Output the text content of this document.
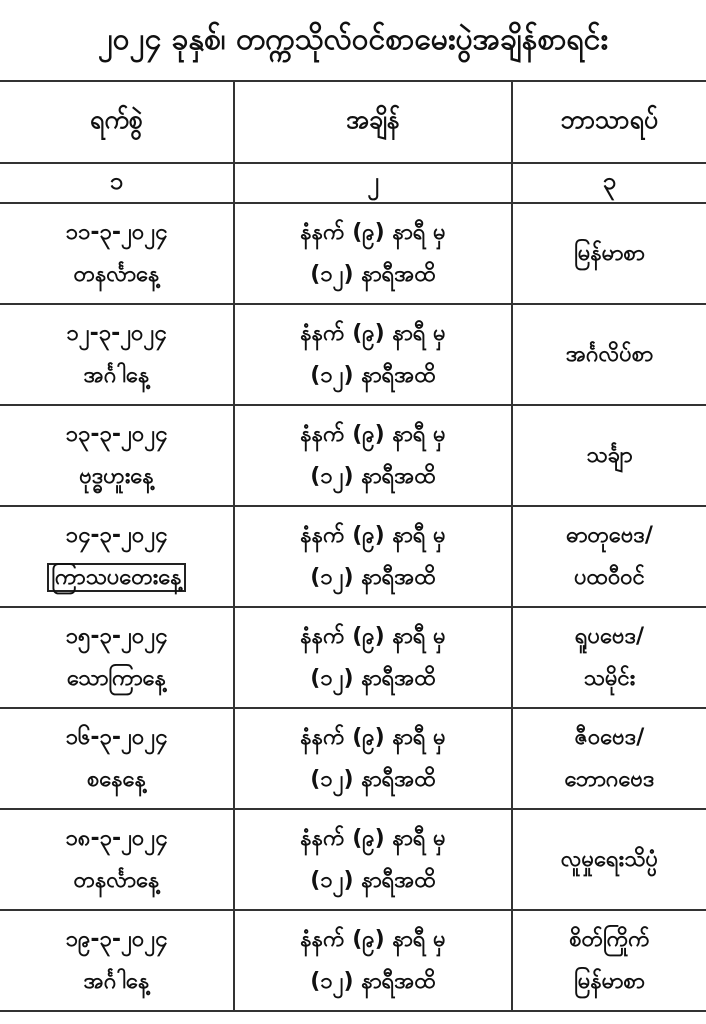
၂၀၂၄ ခုနှစ်၊ တက္ကသိုလ်ဝင်စာမေးပွဲအချိန်စာရင်း
ရက်စွဲ	အချိန်	ဘာသာရပ်
၁	၂	၃

၁၁-၃-၂၀၂၄
တနင်္လာနေ့	နံနက် (၉) နာရီ မှ
(၁၂) နာရီအထိ	မြန်မာစာ

၁၂-၃-၂၀၂၄
အင်္ဂါနေ့	နံနက် (၉) နာရီ မှ
(၁၂) နာရီအထိ	အင်္ဂလိပ်စာ

၁၃-၃-၂၀၂၄
ဗုဒ္ဓဟူးနေ့	နံနက် (၉) နာရီ မှ
(၁၂) နာရီအထိ	သင်္ချာ

၁၄-၃-၂၀၂၄
ကြာသပတေးနေ့	နံနက် (၉) နာရီ မှ
(၁၂) နာရီအထိ	ဓာတုဗေဒ/
ပထဝီဝင်

၁၅-၃-၂၀၂၄
သောကြာနေ့	နံနက် (၉) နာရီ မှ
(၁၂) နာရီအထိ	ရူပဗေဒ/
သမိုင်း

၁၆-၃-၂၀၂၄
စနေနေ့	နံနက် (၉) နာရီ မှ
(၁၂) နာရီအထိ	ဇီဝဗေဒ/
ဘောဂဗေဒ

၁၈-၃-၂၀၂၄
တနင်္လာနေ့	နံနက် (၉) နာရီ မှ
(၁၂) နာရီအထိ	လူမှုရေးသိပ္ပံ

၁၉-၃-၂၀၂၄
အင်္ဂါနေ့	နံနက် (၉) နာရီ မှ
(၁၂) နာရီအထိ	စိတ်ကြိုက်
မြန်မာစာ
